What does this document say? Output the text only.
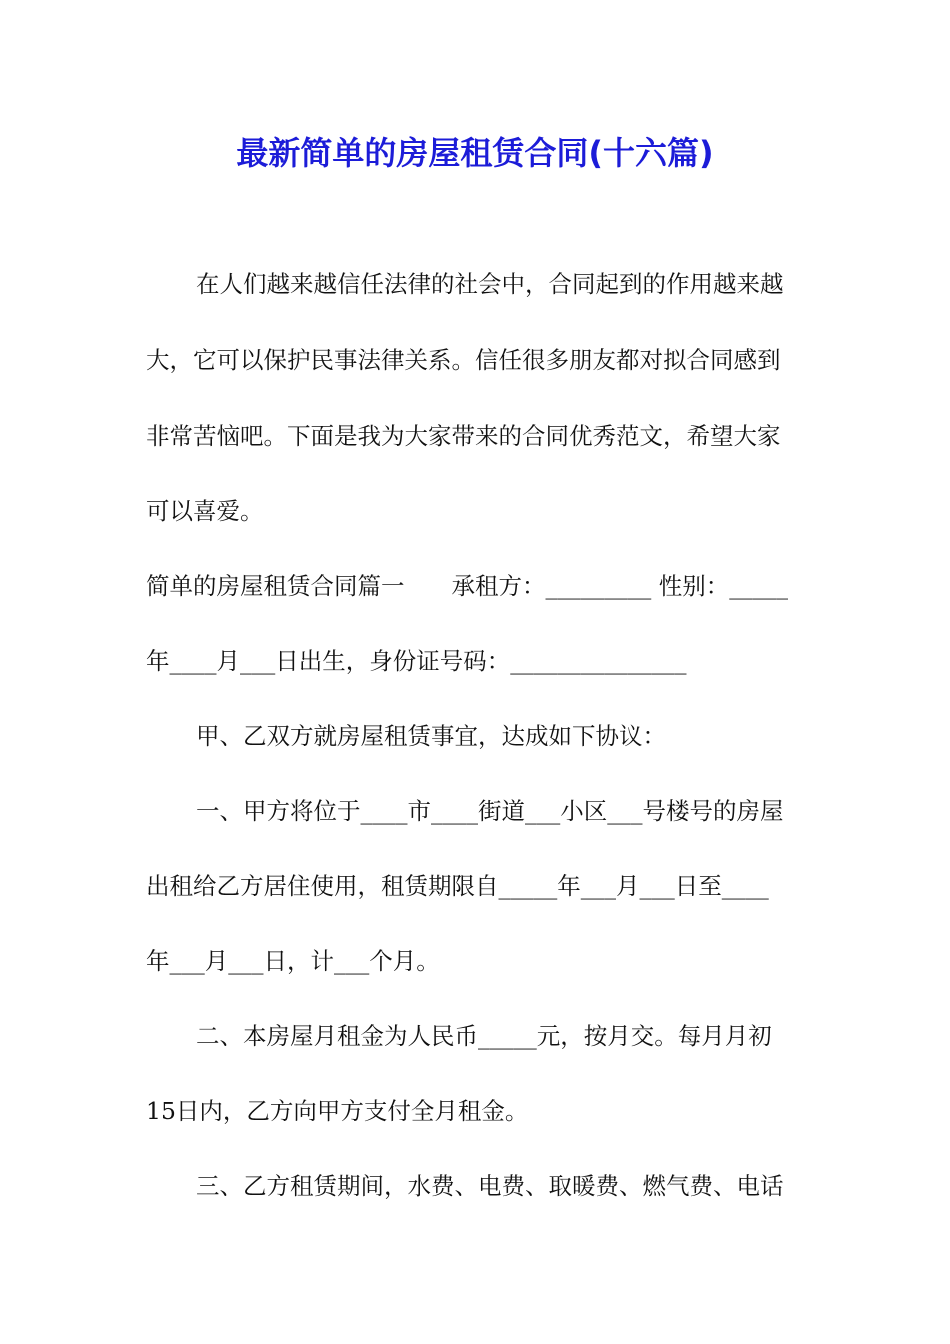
最新简单的房屋租赁合同(十六篇)

在人们越来越信任法律的社会中，合同起到的作用越来越

大，它可以保护民事法律关系。信任很多朋友都对拟合同感到

非常苦恼吧。下面是我为大家带来的合同优秀范文，希望大家

可以喜爱。

简单的房屋租赁合同篇一　　承租方：_________ 性别：_____

年____月___日出生，身份证号码：_______________

甲、乙双方就房屋租赁事宜，达成如下协议：

一、甲方将位于____市____街道___小区___号楼号的房屋

出租给乙方居住使用，租赁期限自_____年___月___日至____

年___月___日，计___个月。

二、本房屋月租金为人民币_____元，按月交。每月月初

15日内，乙方向甲方支付全月租金。

三、乙方租赁期间，水费、电费、取暖费、燃气费、电话
